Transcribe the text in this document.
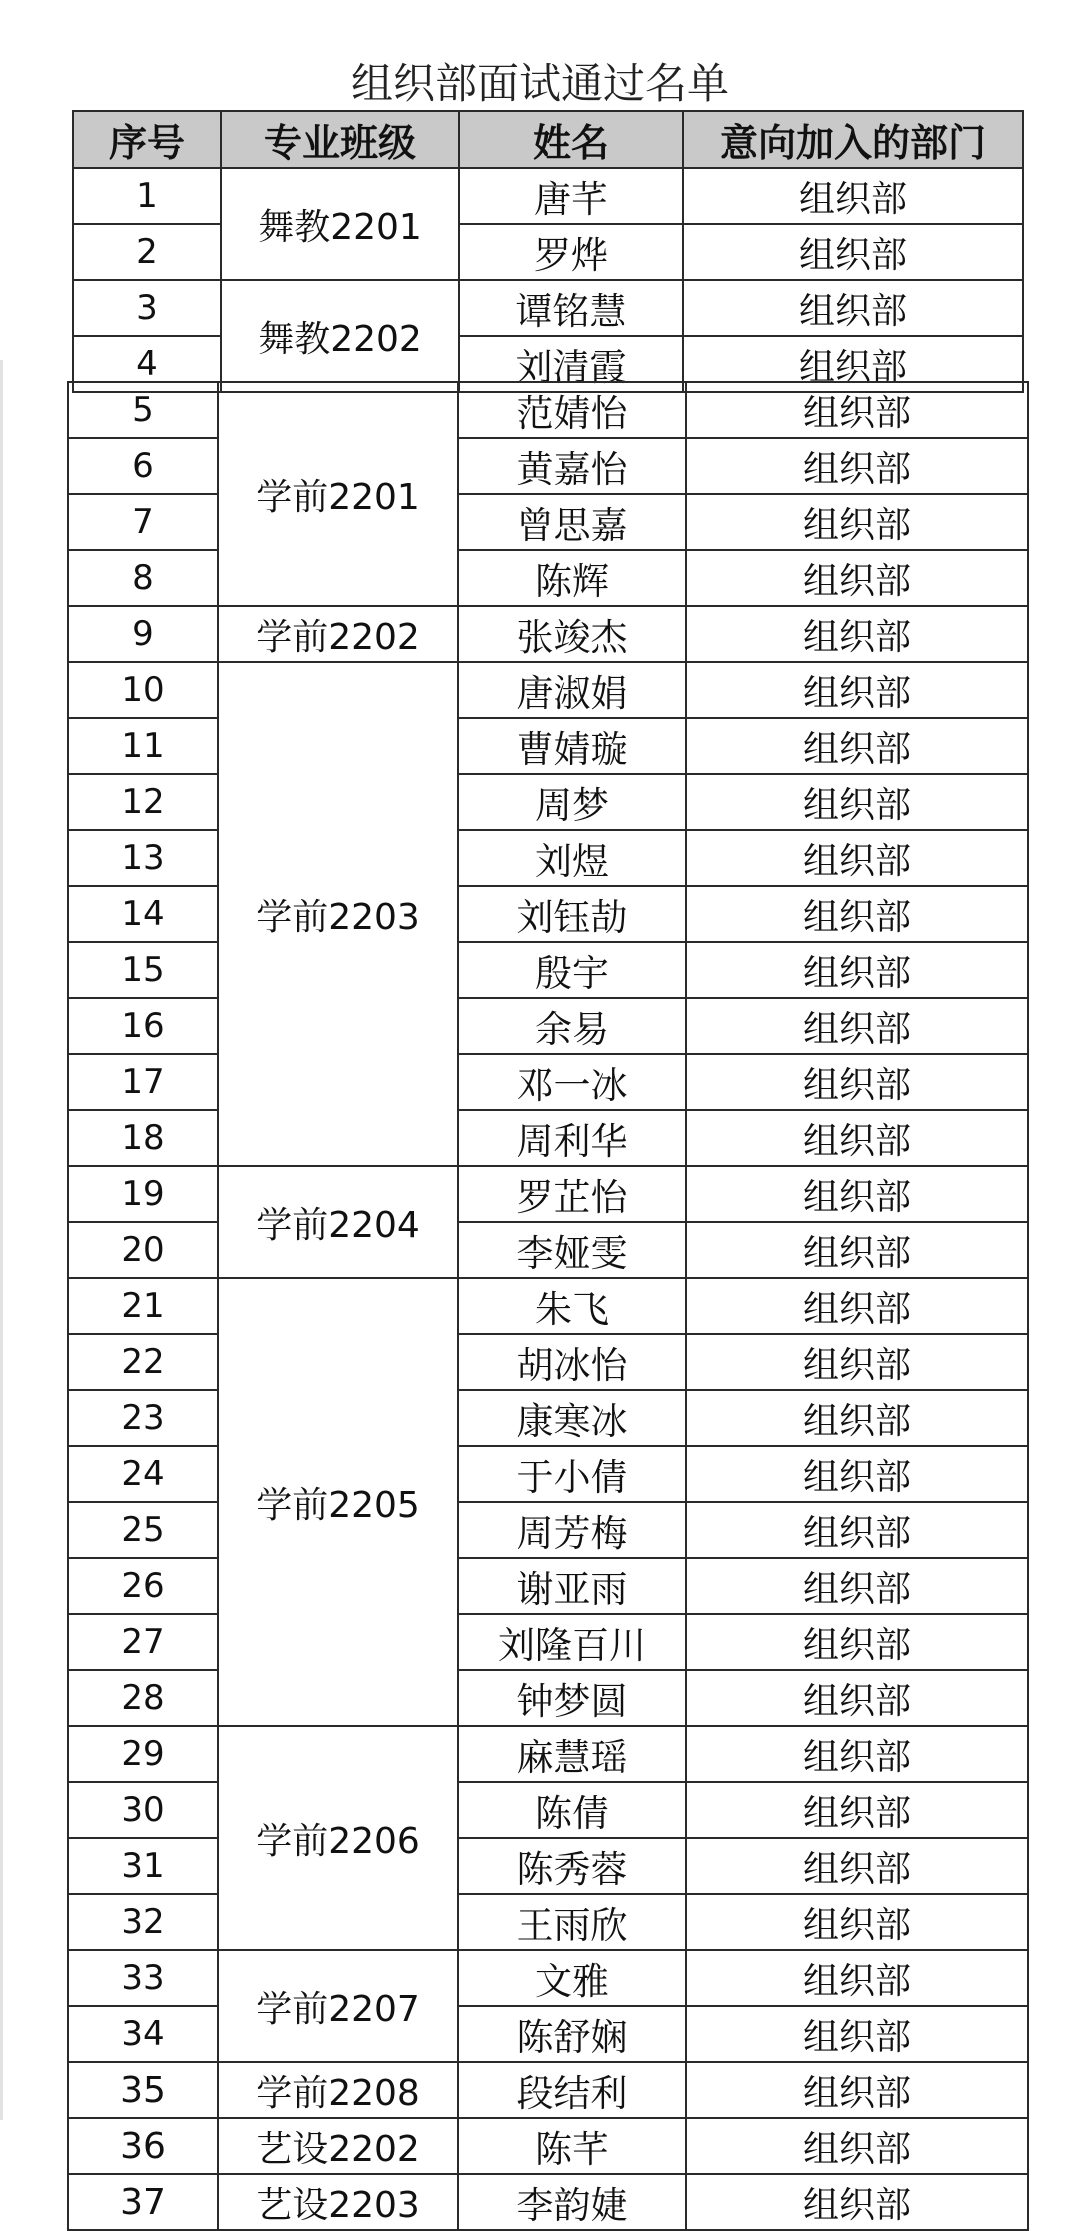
组织部面试通过名单
序号	专业班级	姓名	意向加入的部门
1	舞教2201	唐芊	组织部
2		罗烨	组织部
3	舞教2202	谭铭慧	组织部
4		刘清霞	组织部
5	学前2201	范婧怡	组织部
6		黄嘉怡	组织部
7		曾思嘉	组织部
8		陈辉	组织部
9	学前2202	张竣杰	组织部
10	学前2203	唐淑娟	组织部
11		曹婧璇	组织部
12		周梦	组织部
13		刘煜	组织部
14		刘钰劼	组织部
15		殷宇	组织部
16		余易	组织部
17		邓一冰	组织部
18		周利华	组织部
19	学前2204	罗芷怡	组织部
20		李娅雯	组织部
21	学前2205	朱飞	组织部
22		胡冰怡	组织部
23		康寒冰	组织部
24		于小倩	组织部
25		周芳梅	组织部
26		谢亚雨	组织部
27		刘隆百川	组织部
28		钟梦圆	组织部
29	学前2206	麻慧瑶	组织部
30		陈倩	组织部
31		陈秀蓉	组织部
32		王雨欣	组织部
33	学前2207	文雅	组织部
34		陈舒娴	组织部
35	学前2208	段结利	组织部
36	艺设2202	陈芊	组织部
37	艺设2203	李韵婕	组织部
